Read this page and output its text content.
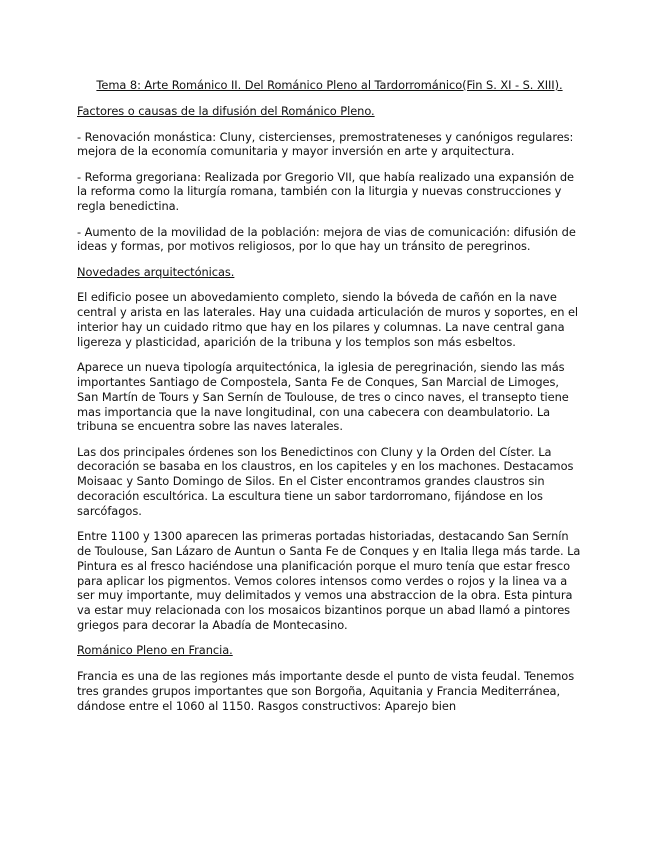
Tema 8: Arte Románico II. Del Románico Pleno al Tardorrománico(Fin S. XI - S. XIII).
Factores o causas de la difusión del Románico Pleno.

- Renovación monástica: Cluny, cistercienses, premostrateneses y canónigos regulares: mejora de la economía comunitaria y mayor inversión en arte y arquitectura.

- Reforma gregoriana: Realizada por Gregorio VII, que había realizado una expansión de la reforma como la liturgía romana, también con la liturgia y nuevas construcciones y regla benedictina.

- Aumento de la movilidad de la población: mejora de vias de comunicación: difusión de ideas y formas, por motivos religiosos, por lo que hay un tránsito de peregrinos.

Novedades arquitectónicas.

El edificio posee un abovedamiento completo, siendo la bóveda de cañón en la nave central y arista en las laterales. Hay una cuidada articulación de muros y soportes, en el interior hay un cuidado ritmo que hay en los pilares y columnas. La nave central gana ligereza y plasticidad, aparición de la tribuna y los templos son más esbeltos.

Aparece un nueva tipología arquitectónica, la iglesia de peregrinación, siendo las más importantes Santiago de Compostela, Santa Fe de Conques, San Marcial de Limoges, San Martín de Tours y San Sernín de Toulouse, de tres o cinco naves, el transepto tiene mas importancia que la nave longitudinal, con una cabecera con deambulatorio. La tribuna se encuentra sobre las naves laterales.

Las dos principales órdenes son los Benedictinos con Cluny y la Orden del Císter. La decoración se basaba en los claustros, en los capiteles y en los machones. Destacamos Moisaac y Santo Domingo de Silos. En el Cister encontramos grandes claustros sin decoración escultórica. La escultura tiene un sabor tardorromano, fijándose en los sarcófagos.

Entre 1100 y 1300 aparecen las primeras portadas historiadas, destacando San Sernín de Toulouse, San Lázaro de Auntun o Santa Fe de Conques y en Italia llega más tarde. La Pintura es al fresco haciéndose una planificación porque el muro tenía que estar fresco para aplicar los pigmentos. Vemos colores intensos como verdes o rojos y la linea va a ser muy importante, muy delimitados y vemos una abstraccion de la obra. Esta pintura va estar muy relacionada con los mosaicos bizantinos porque un abad llamó a pintores griegos para decorar la Abadía de Montecasino.

Románico Pleno en Francia.

Francia es una de las regiones más importante desde el punto de vista feudal. Tenemos tres grandes grupos importantes que son Borgoña, Aquitania y Francia Mediterránea, dándose entre el 1060 al 1150. Rasgos constructivos: Aparejo bien
